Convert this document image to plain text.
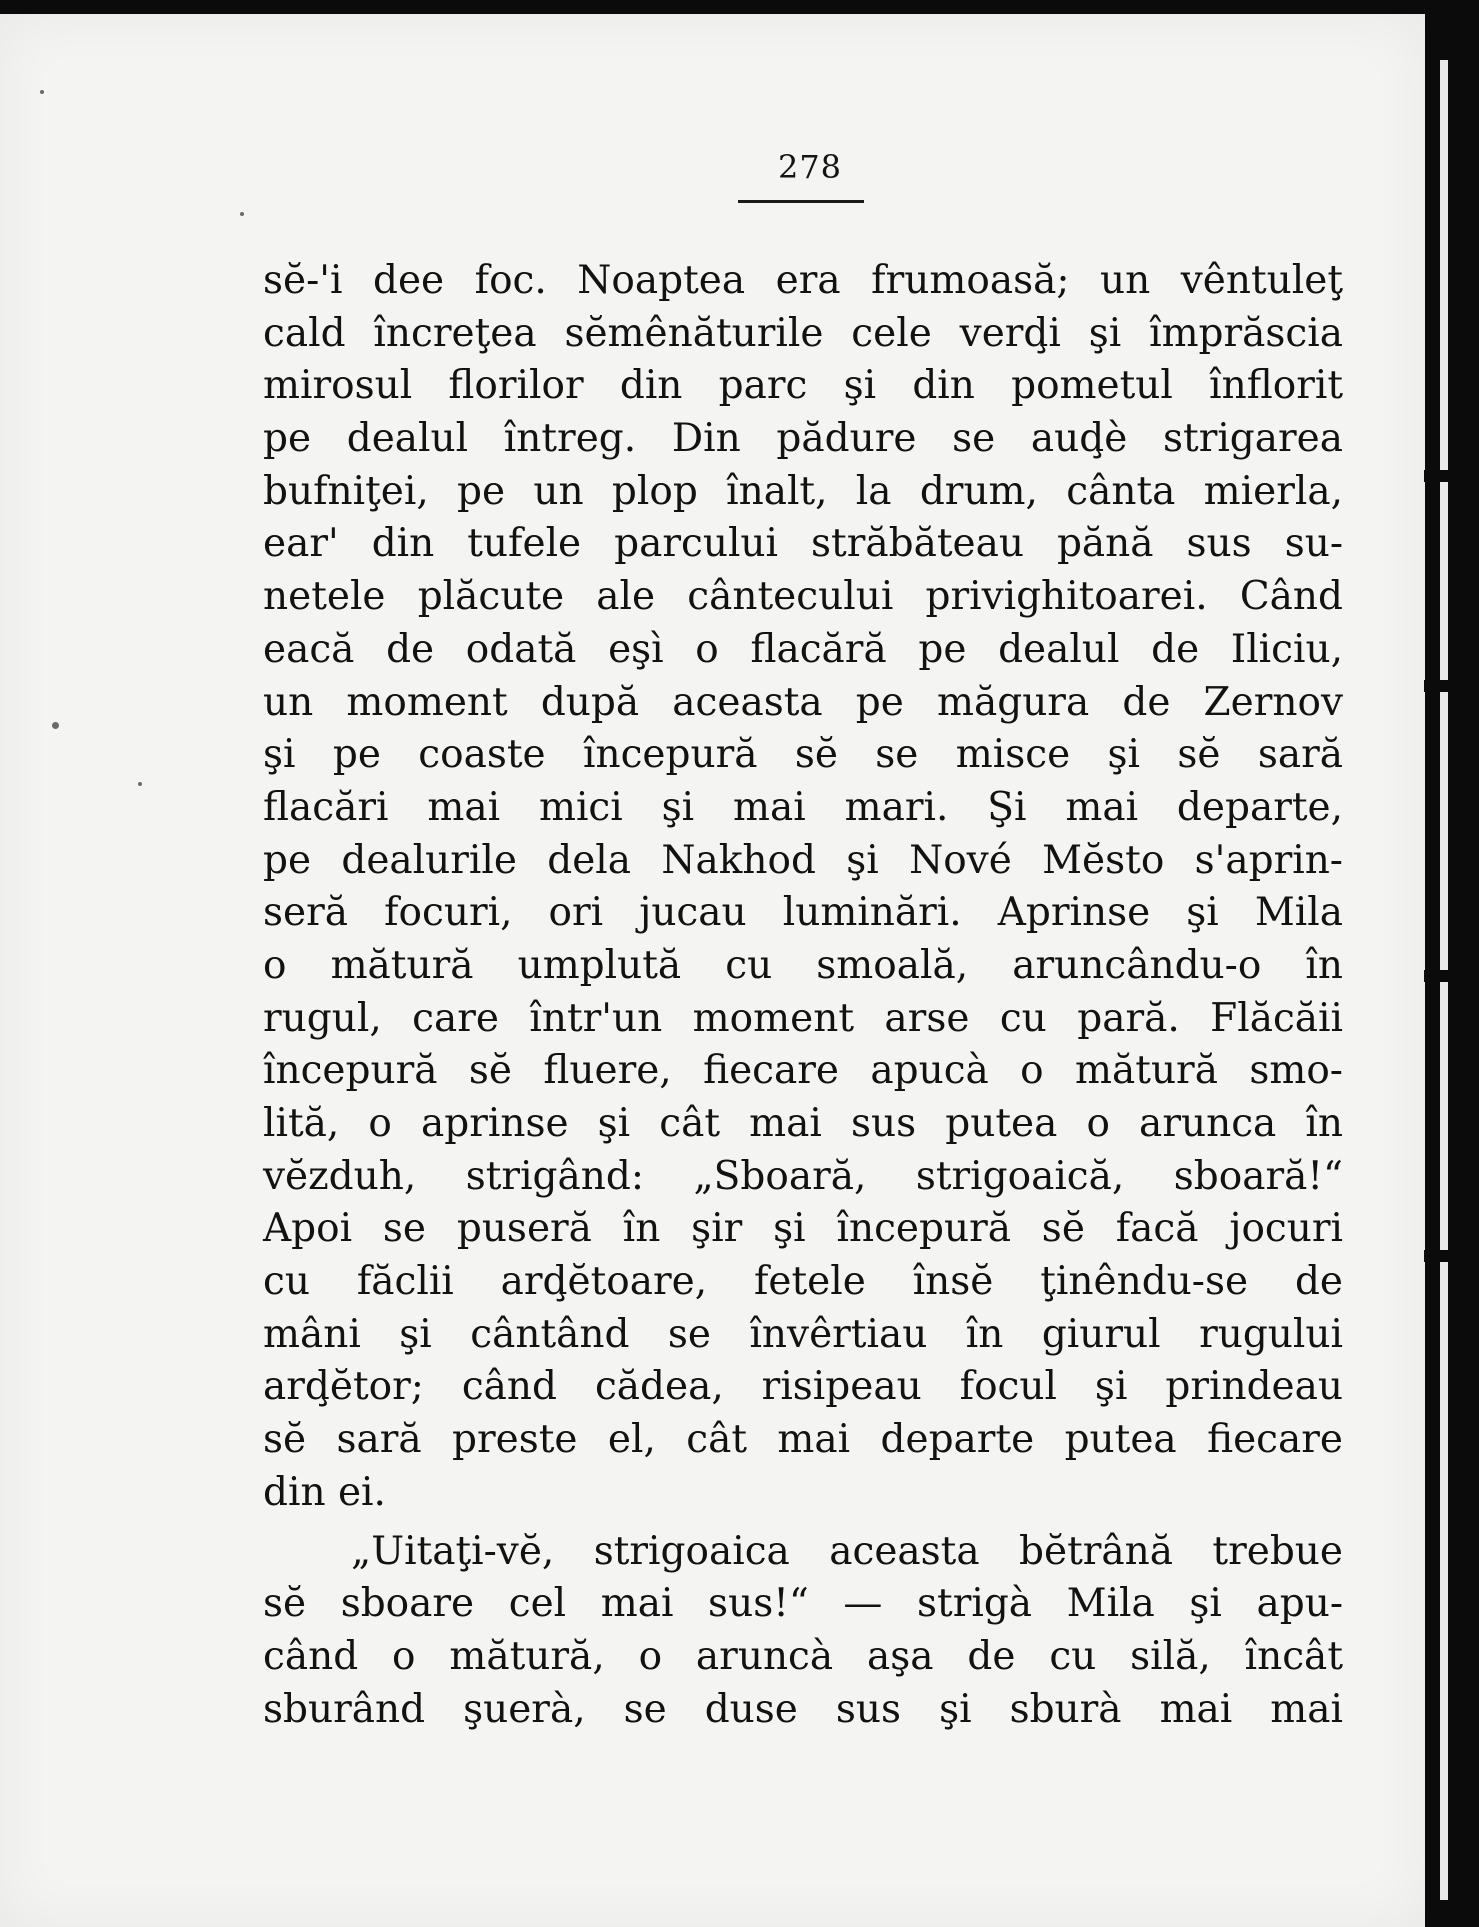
278
sĕ-'i dee foc. Noaptea era frumoasă; un vêntuleţ
cald încreţea sĕmênăturile cele verḑi şi împrăscia
mirosul florilor din parc şi din pometul înflorit
pe dealul întreg. Din pădure se auḑè strigarea
bufniţei, pe un plop înalt, la drum, cânta mierla,
ear' din tufele parcului străbăteau pănă sus su-
netele plăcute ale cântecului privighitoarei. Când
eacă de odată eşì o flacără pe dealul de Iliciu,
un moment după aceasta pe măgura de Zernov
şi pe coaste începură sĕ se misce şi sĕ sară
flacări mai mici şi mai mari. Şi mai departe,
pe dealurile dela Nakhod şi Nové Mĕsto s'aprin-
seră focuri, ori jucau luminări. Aprinse şi Mila
o mătură umplută cu smoală, aruncându-o în
rugul, care într'un moment arse cu pară. Flăcăii
începură sĕ fluere, fiecare apucà o mătură smo-
lită, o aprinse şi cât mai sus putea o arunca în
vĕzduh, strigând: „Sboară, strigoaică, sboară!“
Apoi se puseră în şir şi începură sĕ facă jocuri
cu făclii arḑĕtoare, fetele însĕ ţinêndu-se de
mâni şi cântând se învêrtiau în giurul rugului
arḑĕtor; când cădea, risipeau focul şi prindeau
sĕ sară preste el, cât mai departe putea fiecare
din ei.
„Uitaţi-vĕ, strigoaica aceasta bĕtrână trebue
sĕ sboare cel mai sus!“ — strigà Mila şi apu-
când o mătură, o aruncà aşa de cu silă, încât
sburând şuerà, se duse sus şi sburà mai mai
